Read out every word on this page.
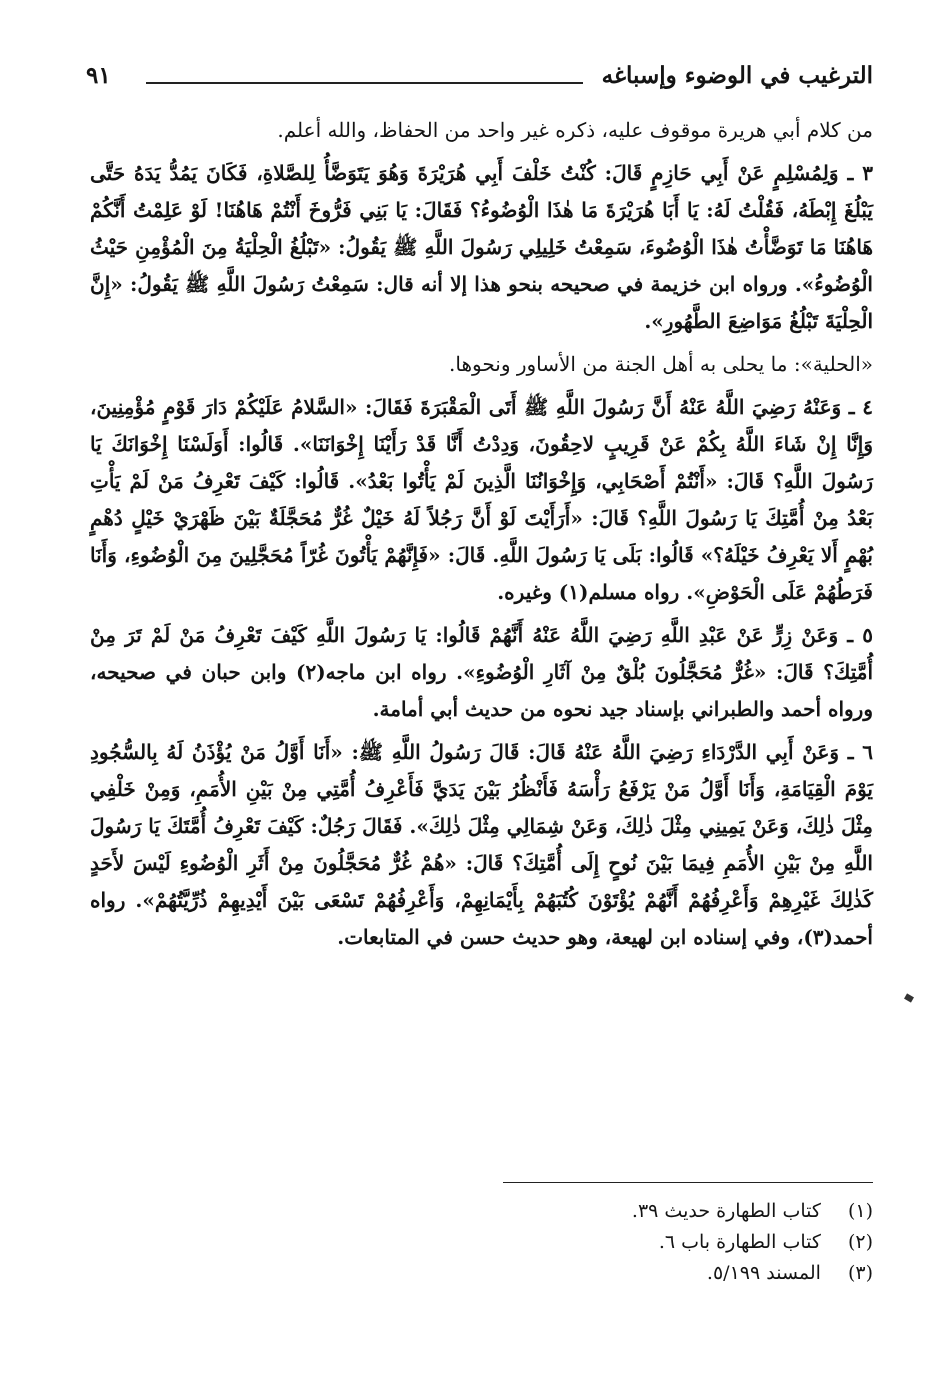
الترغيب في الوضوء وإسباغه
٩١

من كلام أبي هريرة موقوف عليه، ذكره غير واحد من الحفاظ، والله أعلم.

٣ ـ وَلِمُسْلِمٍ عَنْ أَبِي حَازِمٍ قَالَ: كُنْتُ خَلْفَ أَبِي هُرَيْرَةَ وَهُوَ يَتَوَضَّأُ لِلصَّلاةِ، فَكَانَ يَمُدُّ يَدَهُ حَتَّى يَبْلُغَ إِبْطَهُ، فَقُلْتُ لَهُ: يَا أَبَا هُرَيْرَةَ مَا هٰذَا الْوُضُوءُ؟ فَقَالَ: يَا بَنِي فَرُّوخَ أَنْتُمْ هَاهُنَا! لَوْ عَلِمْتُ أَنَّكُمْ هَاهُنَا مَا تَوَضَّأْتُ هٰذَا الْوُضُوءَ، سَمِعْتُ خَلِيلِي رَسُولَ اللَّهِ ﷺ يَقُولُ: «تَبْلُغُ الْحِلْيَةُ مِنَ الْمُؤْمِنِ حَيْثُ الْوُضُوءُ». ورواه ابن خزيمة في صحيحه بنحو هذا إلا أنه قال: سَمِعْتُ رَسُولَ اللَّهِ ﷺ يَقُولُ: «إِنَّ الْحِلْيَةَ تَبْلُغُ مَوَاضِعَ الطَّهُورِ».

«الحلية»: ما يحلى به أهل الجنة من الأساور ونحوها.

٤ ـ وَعَنْهُ رَضِيَ اللَّهُ عَنْهُ أَنَّ رَسُولَ اللَّهِ ﷺ أَتَى الْمَقْبَرَةَ فَقَالَ: «السَّلامُ عَلَيْكُمْ دَارَ قَوْمٍ مُؤْمِنِينَ، وَإِنَّا إِنْ شَاءَ اللَّهُ بِكُمْ عَنْ قَرِيبٍ لاحِقُونَ، وَدِدْتُ أَنَّا قَدْ رَأَيْنَا إِخْوَانَنَا». قَالُوا: أَوَلَسْنَا إِخْوَانَكَ يَا رَسُولَ اللَّهِ؟ قَالَ: «أَنْتُمْ أَصْحَابِي، وَإِخْوَانُنَا الَّذِينَ لَمْ يَأْتُوا بَعْدُ». قَالُوا: كَيْفَ تَعْرِفُ مَنْ لَمْ يَأْتِ بَعْدُ مِنْ أُمَّتِكَ يَا رَسُولَ اللَّهِ؟ قَالَ: «أَرَأَيْتَ لَوْ أَنَّ رَجُلاً لَهُ خَيْلٌ غُرٌّ مُحَجَّلَةٌ بَيْنَ ظَهْرَيْ خَيْلٍ دُهْمٍ بُهْمٍ أَلا يَعْرِفُ خَيْلَهُ؟» قَالُوا: بَلَى يَا رَسُولَ اللَّهِ. قَالَ: «فَإِنَّهُمْ يَأْتُونَ غُرّاً مُحَجَّلِينَ مِنَ الْوُضُوءِ، وَأَنَا فَرَطُهُمْ عَلَى الْحَوْضِ». رواه مسلم(١) وغيره.

٥ ـ وَعَنْ زِرٍّ عَنْ عَبْدِ اللَّهِ رَضِيَ اللَّهُ عَنْهُ أَنَّهُمْ قَالُوا: يَا رَسُولَ اللَّهِ كَيْفَ تَعْرِفُ مَنْ لَمْ تَرَ مِنْ أُمَّتِكَ؟ قَالَ: «غُرٌّ مُحَجَّلُونَ بُلْقٌ مِنْ آثَارِ الْوُضُوءِ». رواه ابن ماجه(٢) وابن حبان في صحيحه، ورواه أحمد والطبراني بإسناد جيد نحوه من حديث أبي أمامة.

٦ ـ وَعَنْ أَبِي الدَّرْدَاءِ رَضِيَ اللَّهُ عَنْهُ قَالَ: قَالَ رَسُولُ اللَّهِ ﷺ: «أَنَا أَوَّلُ مَنْ يُؤْذَنُ لَهُ بِالسُّجُودِ يَوْمَ الْقِيَامَةِ، وَأَنَا أَوَّلُ مَنْ يَرْفَعُ رَأْسَهُ فَأَنْظُرُ بَيْنَ يَدَيَّ فَأَعْرِفُ أُمَّتِي مِنْ بَيْنِ الأُمَمِ، وَمِنْ خَلْفِي مِثْلَ ذٰلِكَ، وَعَنْ يَمِينِي مِثْلَ ذٰلِكَ، وَعَنْ شِمَالِي مِثْلَ ذٰلِكَ». فَقَالَ رَجُلٌ: كَيْفَ تَعْرِفُ أُمَّتَكَ يَا رَسُولَ اللَّهِ مِنْ بَيْنِ الأُمَمِ فِيمَا بَيْنَ نُوحٍ إِلَى أُمَّتِكَ؟ قَالَ: «هُمْ غُرٌّ مُحَجَّلُونَ مِنْ أَثَرِ الْوُضُوءِ لَيْسَ لأَحَدٍ كَذٰلِكَ غَيْرِهِمْ وَأَعْرِفُهُمْ أَنَّهُمْ يُؤْتَوْنَ كُتُبَهُمْ بِأَيْمَانِهِمْ، وَأَعْرِفُهُمْ تَسْعَى بَيْنَ أَيْدِيهِمْ ذُرِّيَّتُهُمْ». رواه أحمد(٣)، وفي إسناده ابن لهيعة، وهو حديث حسن في المتابعات.

(١) كتاب الطهارة حديث ٣٩.
(٢) كتاب الطهارة باب ٦.
(٣) المسند ٥/١٩٩.
